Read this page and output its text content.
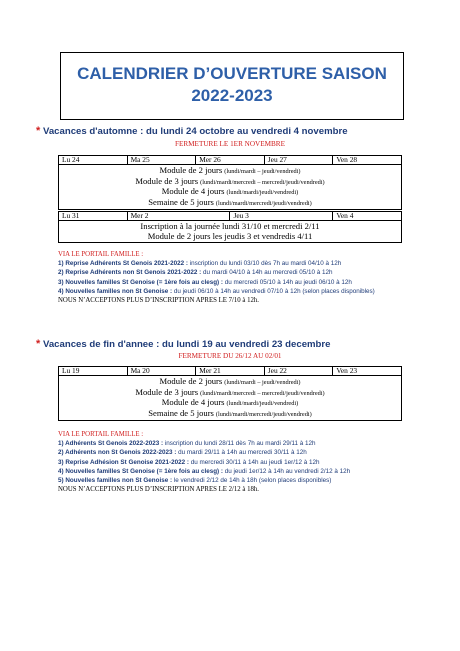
CALENDRIER D’OUVERTURE SAISON
2022-2023
* Vacances d'automne : du lundi 24 octobre au vendredi 4 novembre
FERMETURE LE 1ER NOVEMBRE
Lu 24	Ma 25	Mer 26	Jeu 27	Ven 28

Module de 2 jours (lundi/mardi – jeudi/vendredi)
Module de 3 jours (lundi/mardi/mercredi – mercredi/jeudi/vendredi)
Module de 4 jours (lundi/mardi/jeudi/vendredi)
Semaine de 5 jours (lundi/mardi/mercredi/jeudi/vendredi)
Lu 31	Mer 2	Jeu 3	Ven 4

Inscription à la journée lundi 31/10 et mercredi 2/11
Module de 2 jours les jeudis 3 et vendredis 4/11
VIA LE PORTAIL FAMILLE :
1) Reprise Adhérents St Genois 2021-2022 : inscription du lundi 03/10 dès 7h au mardi 04/10 à 12h
2) Reprise Adhérents non St Genois 2021-2022 : du mardi 04/10 à 14h au mercredi 05/10 à 12h
3) Nouvelles familles St Genoise (= 1ère fois au clesg) : du mercredi 05/10 à 14h au jeudi 06/10 à 12h
4) Nouvelles familles non St Genoise : du jeudi 06/10 à 14h au vendredi 07/10 à 12h (selon places disponibles)
NOUS N’ACCEPTONS PLUS D’INSCRIPTION APRES LE 7/10 à 12h.
* Vacances de fin d'annee : du lundi 19 au vendredi 23 decembre
FERMETURE DU 26/12 AU 02/01
Lu 19	Ma 20	Mer 21	Jeu 22	Ven 23

Module de 2 jours (lundi/mardi – jeudi/vendredi)
Module de 3 jours (lundi/mardi/mercredi – mercredi/jeudi/vendredi)
Module de 4 jours (lundi/mardi/jeudi/vendredi)
Semaine de 5 jours (lundi/mardi/mercredi/jeudi/vendredi)
VIA LE PORTAIL FAMILLE :
1) Adhérents St Genois 2022-2023 : inscription du lundi 28/11 dès 7h au mardi 29/11 à 12h
2) Adhérents non St Genois 2022-2023 : du mardi 29/11 à 14h au mercredi 30/11 à 12h
3) Reprise Adhésion St Genoise 2021-2022 : du mercredi 30/11 à 14h au jeudi 1er/12 à 12h
4) Nouvelles familles St Genoise (= 1ère fois au clesg) : du jeudi 1er/12 à 14h au vendredi 2/12 à 12h
5) Nouvelles familles non St Genoise : le vendredi 2/12 de 14h à 18h (selon places disponibles)
NOUS N’ACCEPTONS PLUS D’INSCRIPTION APRES LE 2/12 à 18h.
